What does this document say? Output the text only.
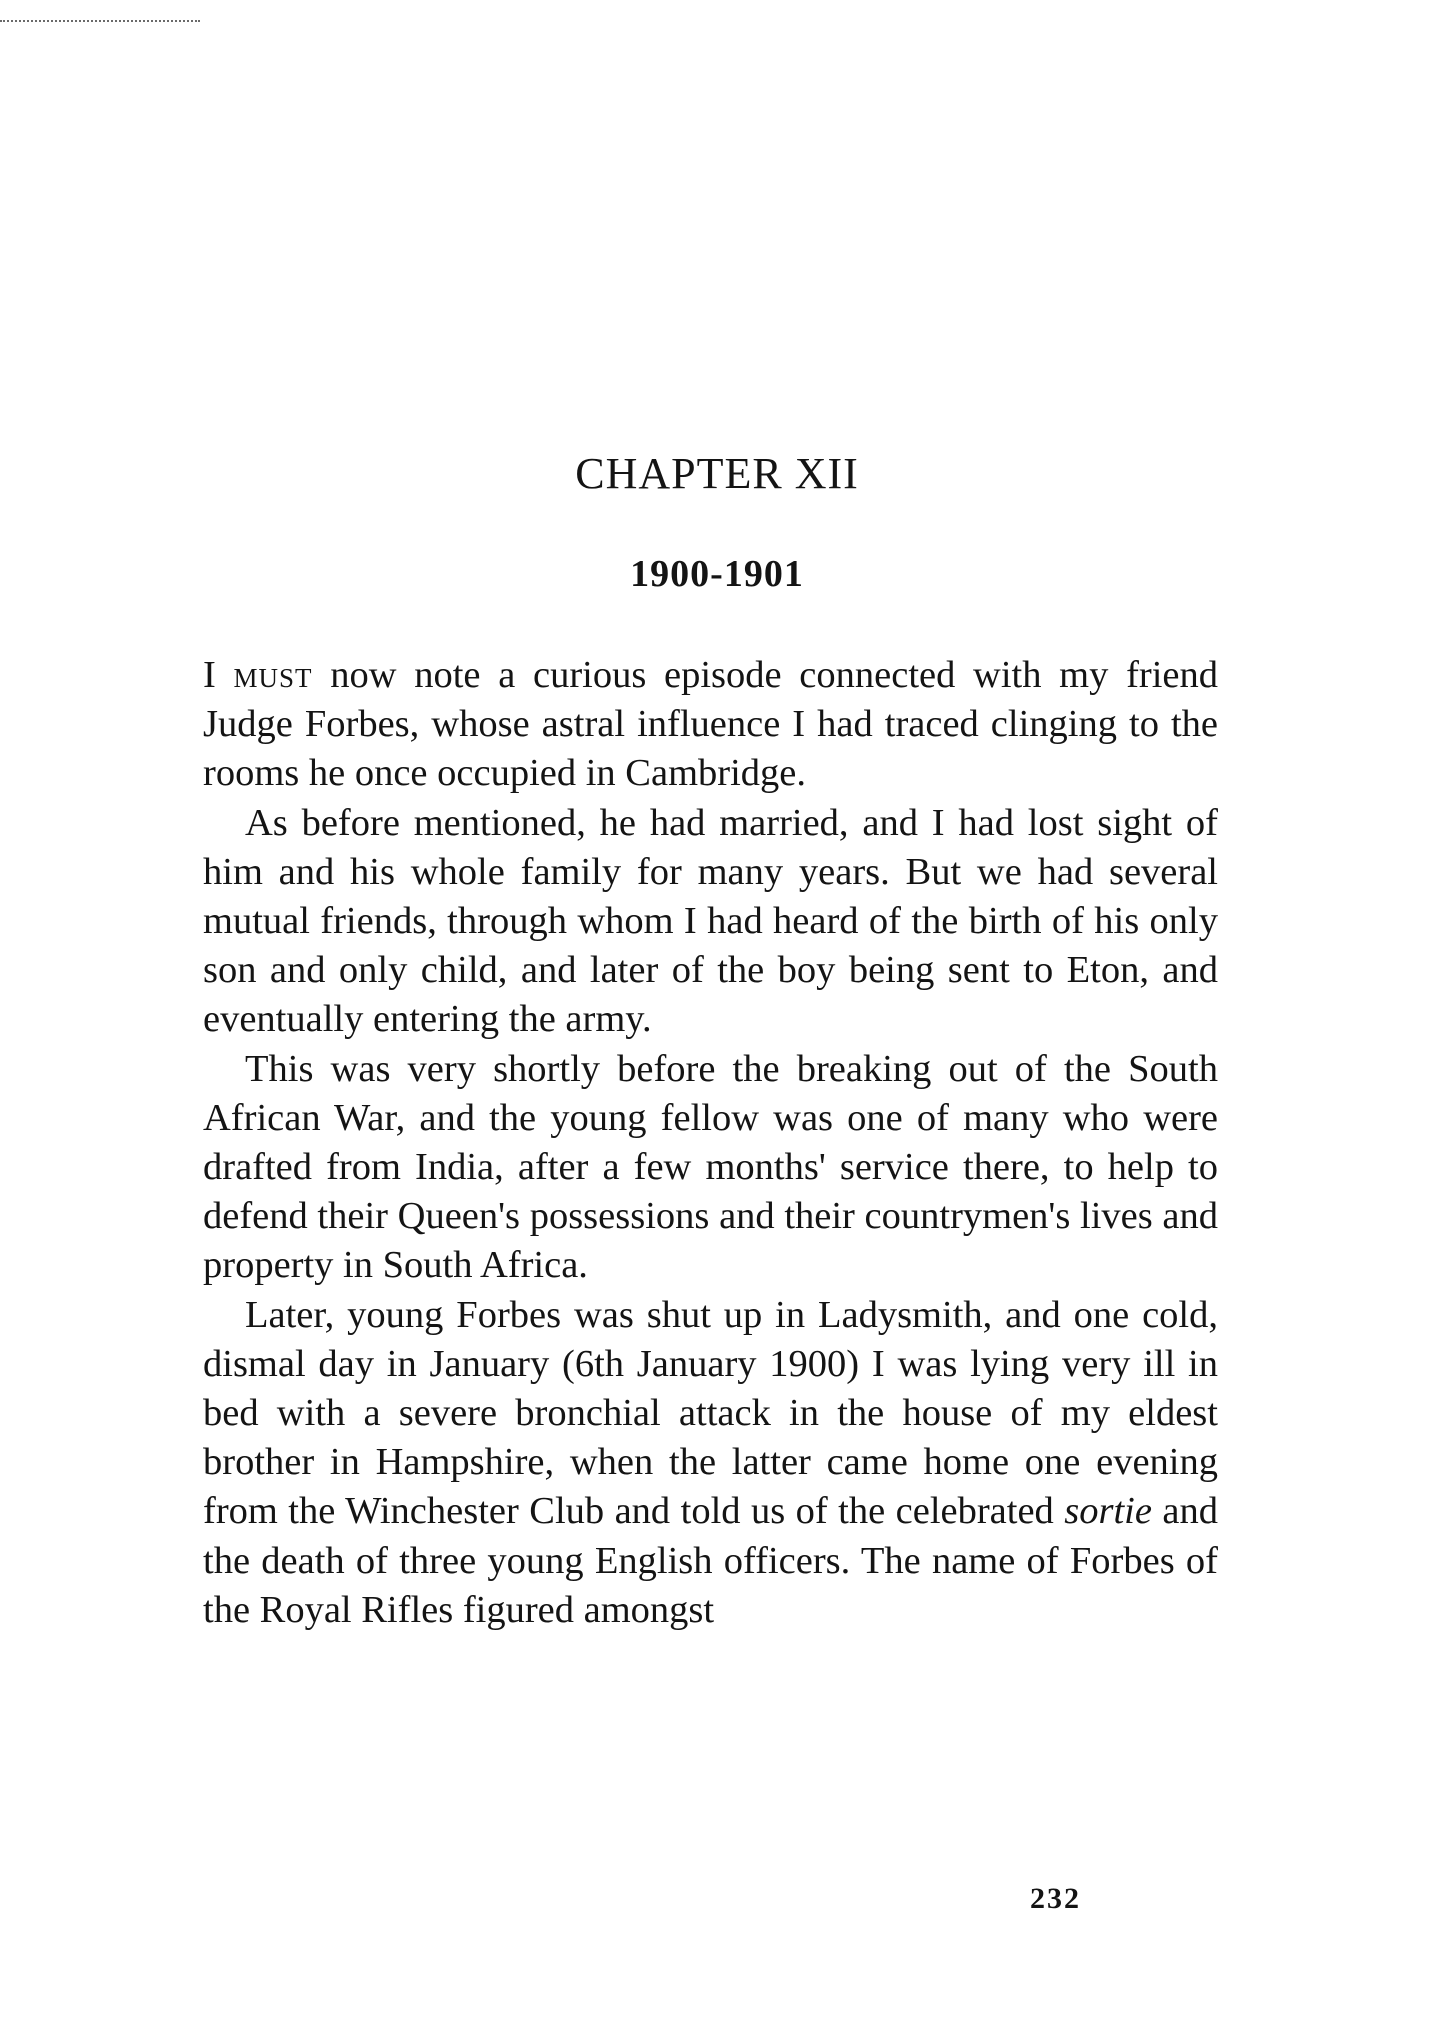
CHAPTER XII
1900-1901

I must now note a curious episode connected with my friend Judge Forbes, whose astral influence I had traced clinging to the rooms he once occupied in Cambridge.

As before mentioned, he had married, and I had lost sight of him and his whole family for many years. But we had several mutual friends, through whom I had heard of the birth of his only son and only child, and later of the boy being sent to Eton, and eventually entering the army.

This was very shortly before the breaking out of the South African War, and the young fellow was one of many who were drafted from India, after a few months' service there, to help to defend their Queen's possessions and their countrymen's lives and property in South Africa.

Later, young Forbes was shut up in Ladysmith, and one cold, dismal day in January (6th January 1900) I was lying very ill in bed with a severe bronchial attack in the house of my eldest brother in Hampshire, when the latter came home one evening from the Winchester Club and told us of the celebrated sortie and the death of three young English officers. The name of Forbes of the Royal Rifles figured amongst

232
